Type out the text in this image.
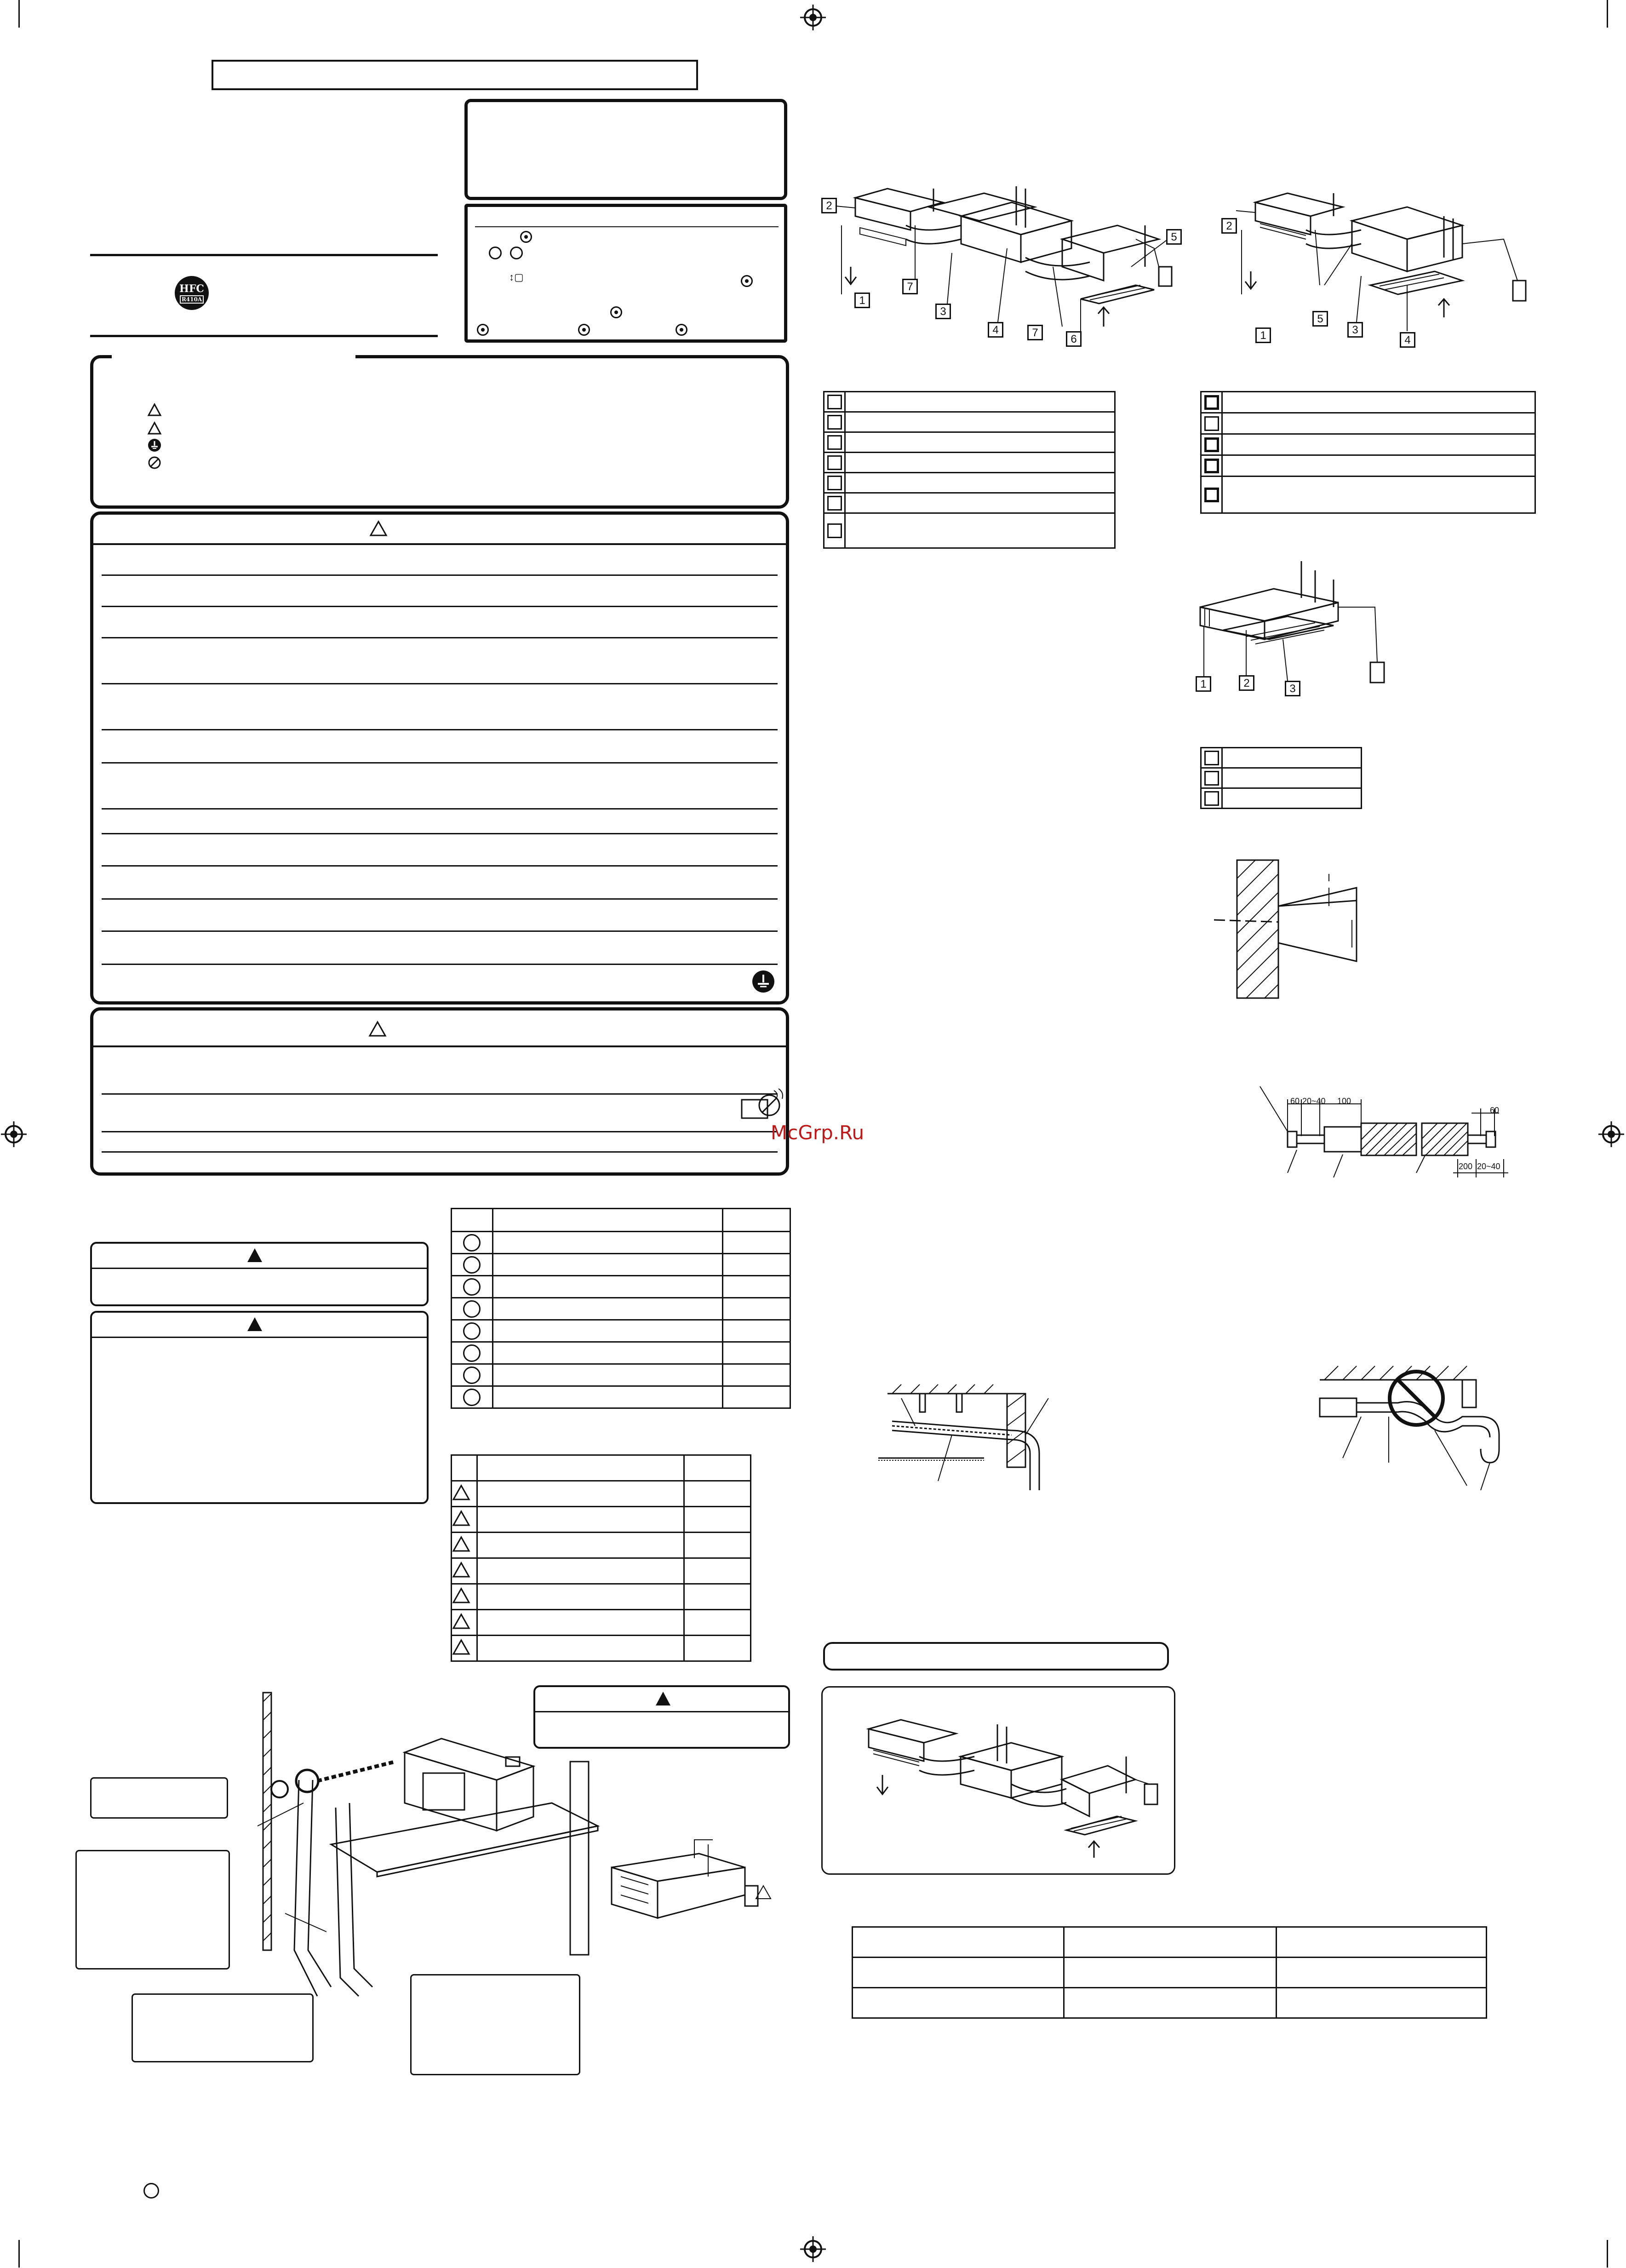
HFC
R410A
↕▢
McGrp.Ru

2
1
7
3
4	7
6
5

2
1
5
3
4

1	2	3

60 20~40 100
60
200 20~40
